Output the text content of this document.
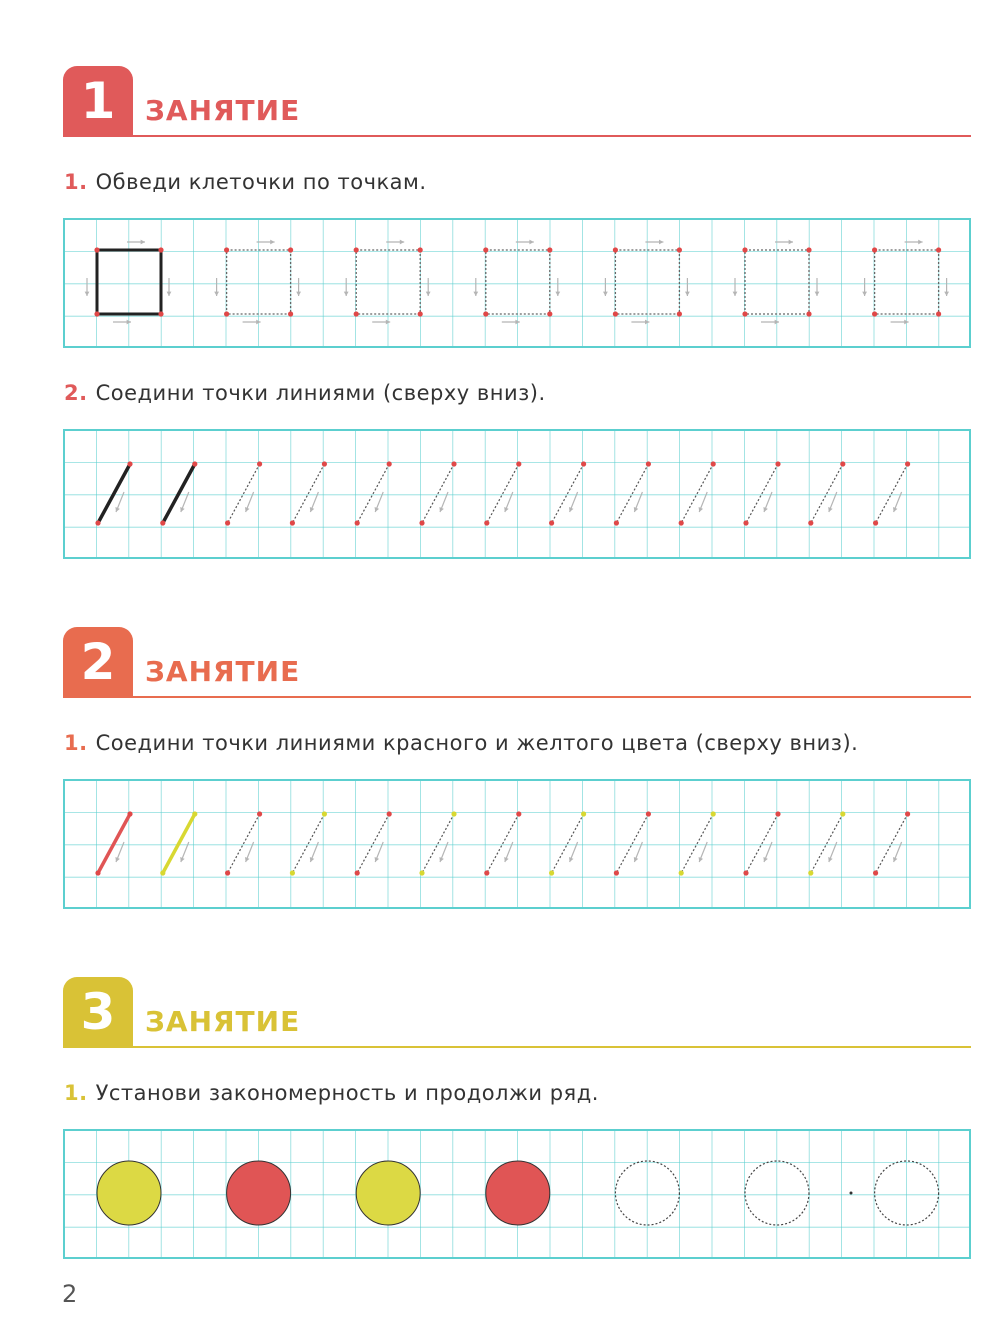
1	ЗАНЯТИЕ
1. Обведи клеточки по точкам.
2. Соедини точки линиями (сверху вниз).
2	ЗАНЯТИЕ
1. Соедини точки линиями красного и желтого цвета (сверху вниз).
3	ЗАНЯТИЕ
1. Установи закономерность и продолжи ряд.
2
